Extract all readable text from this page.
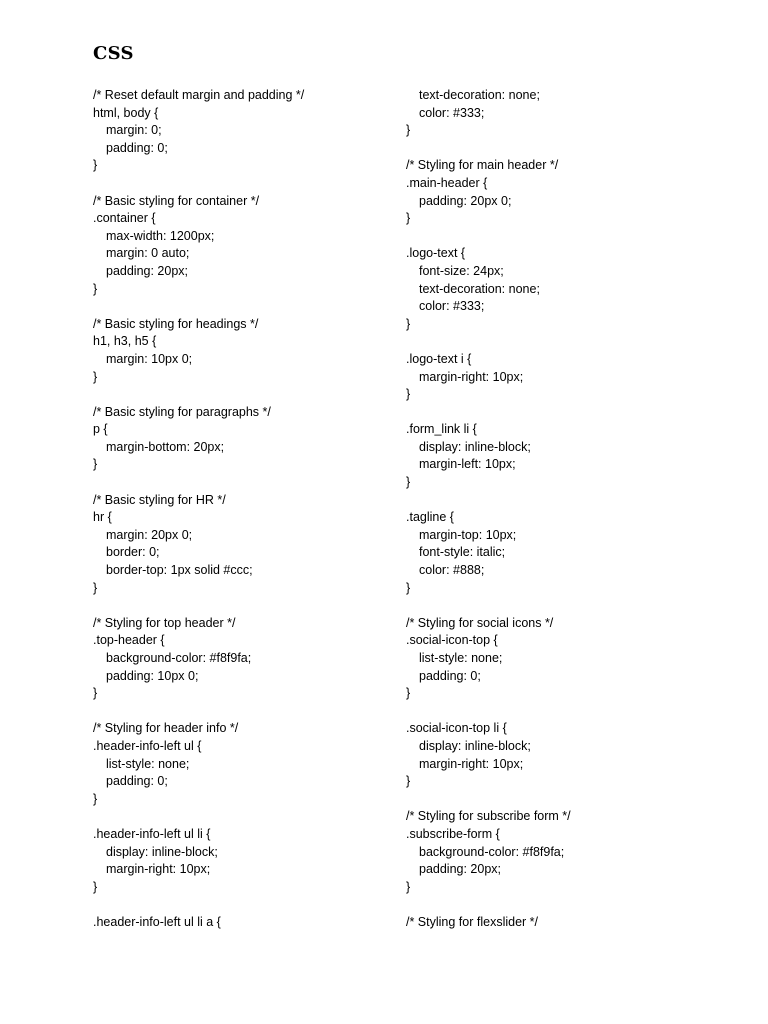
CSS
/* Reset default margin and padding */
html, body {
margin: 0;
padding: 0;
}
/* Basic styling for container */
.container {
max-width: 1200px;
margin: 0 auto;
padding: 20px;
}
/* Basic styling for headings */
h1, h3, h5 {
margin: 10px 0;
}
/* Basic styling for paragraphs */
p {
margin-bottom: 20px;
}
/* Basic styling for HR */
hr {
margin: 20px 0;
border: 0;
border-top: 1px solid #ccc;
}
/* Styling for top header */
.top-header {
background-color: #f8f9fa;
padding: 10px 0;
}
/* Styling for header info */
.header-info-left ul {
list-style: none;
padding: 0;
}
.header-info-left ul li {
display: inline-block;
margin-right: 10px;
}
.header-info-left ul li a {
text-decoration: none;
color: #333;
}
/* Styling for main header */
.main-header {
padding: 20px 0;
}
.logo-text {
font-size: 24px;
text-decoration: none;
color: #333;
}
.logo-text i {
margin-right: 10px;
}
.form_link li {
display: inline-block;
margin-left: 10px;
}
.tagline {
margin-top: 10px;
font-style: italic;
color: #888;
}
/* Styling for social icons */
.social-icon-top {
list-style: none;
padding: 0;
}
.social-icon-top li {
display: inline-block;
margin-right: 10px;
}
/* Styling for subscribe form */
.subscribe-form {
background-color: #f8f9fa;
padding: 20px;
}
/* Styling for flexslider */
